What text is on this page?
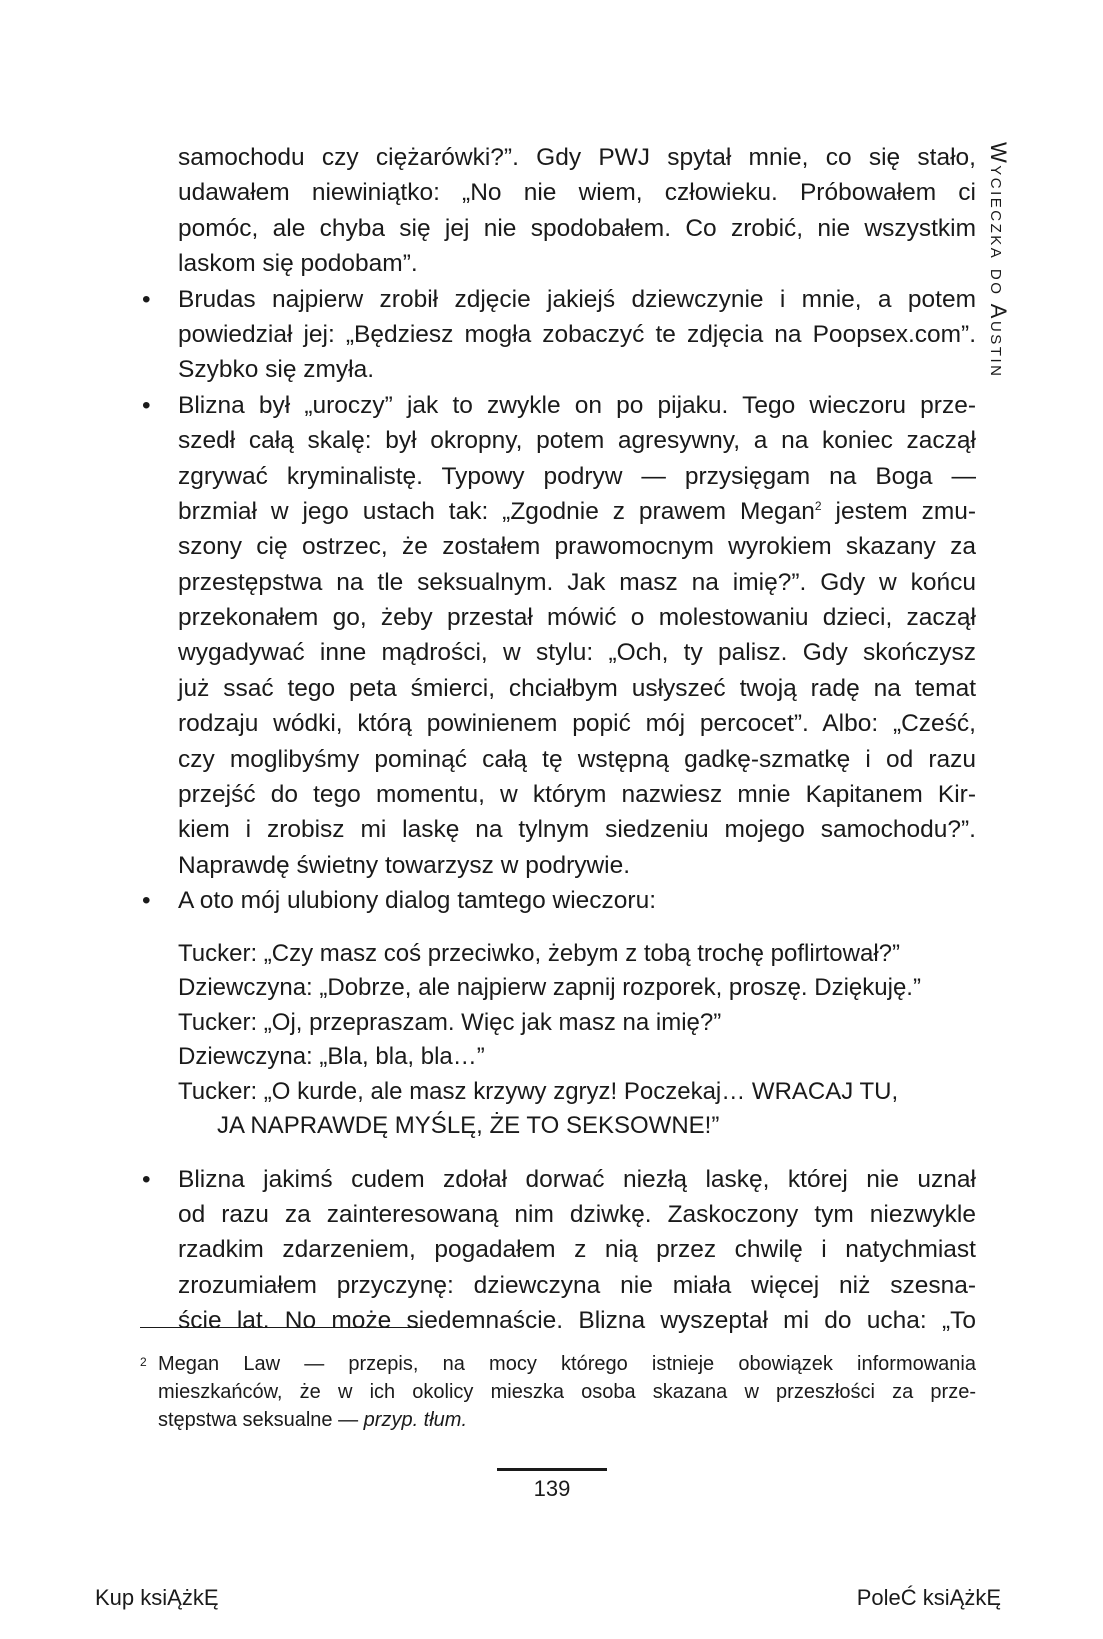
Wycieczka do Austin
samochodu czy ciężarówki?”. Gdy PWJ spytał mnie, co się stało,
udawałem niewiniątko: „No nie wiem, człowieku. Próbowałem ci
pomóc, ale chyba się jej nie spodobałem. Co zrobić, nie wszystkim
laskom się podobam”.
• Brudas najpierw zrobił zdjęcie jakiejś dziewczynie i mnie, a potem
powiedział jej: „Będziesz mogła zobaczyć te zdjęcia na Poopsex.com”.
Szybko się zmyła.
• Blizna był „uroczy” jak to zwykle on po pijaku. Tego wieczoru prze-
szedł całą skalę: był okropny, potem agresywny, a na koniec zaczął
zgrywać kryminalistę. Typowy podryw — przysięgam na Boga —
brzmiał w jego ustach tak: „Zgodnie z prawem Megan$^2$ jestem zmu-
szony cię ostrzec, że zostałem prawomocnym wyrokiem skazany za
przestępstwa na tle seksualnym. Jak masz na imię?”. Gdy w końcu
przekonałem go, żeby przestał mówić o molestowaniu dzieci, zaczął
wygadywać inne mądrości, w stylu: „Och, ty palisz. Gdy skończysz
już ssać tego peta śmierci, chciałbym usłyszeć twoją radę na temat
rodzaju wódki, którą powinienem popić mój percocet”. Albo: „Cześć,
czy moglibyśmy pominąć całą tę wstępną gadkę-szmatkę i od razu
przejść do tego momentu, w którym nazwiesz mnie Kapitanem Kir-
kiem i zrobisz mi laskę na tylnym siedzeniu mojego samochodu?”.
Naprawdę świetny towarzysz w podrywie.
• A oto mój ulubiony dialog tamtego wieczoru:
Tucker: „Czy masz coś przeciwko, żebym z tobą trochę poflirtował?”
Dziewczyna: „Dobrze, ale najpierw zapnij rozporek, proszę. Dziękuję.”
Tucker: „Oj, przepraszam. Więc jak masz na imię?”
Dziewczyna: „Bla, bla, bla…”
Tucker: „O kurde, ale masz krzywy zgryz! Poczekaj… WRACAJ TU,
JA NAPRAWDĘ MYŚLĘ, ŻE TO SEKSOWNE!”
• Blizna jakimś cudem zdołał dorwać niezłą laskę, której nie uznał
od razu za zainteresowaną nim dziwkę. Zaskoczony tym niezwykle
rzadkim zdarzeniem, pogadałem z nią przez chwilę i natychmiast
zrozumiałem przyczynę: dziewczyna nie miała więcej niż szesna-
ście lat. No może siedemnaście. Blizna wyszeptał mi do ucha: „To
2 Megan Law — przepis, na mocy którego istnieje obowiązek informowania
mieszkańców, że w ich okolicy mieszka osoba skazana w przeszłości za prze-
stępstwa seksualne — przyp. tłum.
139
Kup ksiĄżkĘ	PoleĆ ksiĄżkĘ
